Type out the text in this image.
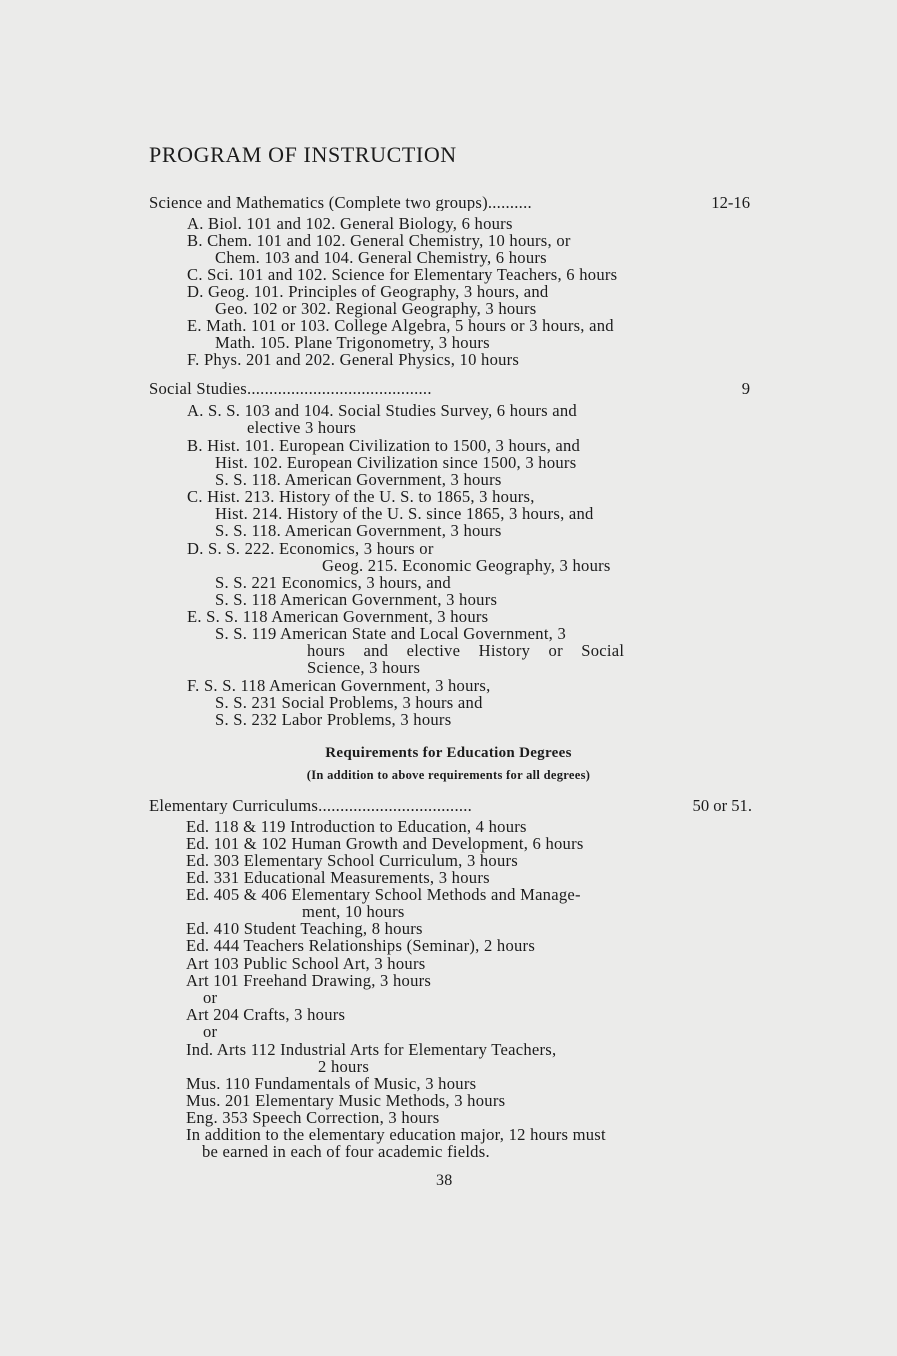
PROGRAM OF INSTRUCTION
Science and Mathematics (Complete two groups)..........	12-16
A. Biol. 101 and 102. General Biology, 6 hours
B. Chem. 101 and 102. General Chemistry, 10 hours, or
Chem. 103 and 104. General Chemistry, 6 hours
C. Sci. 101 and 102. Science for Elementary Teachers, 6 hours
D. Geog. 101. Principles of Geography, 3 hours, and
Geo. 102 or 302. Regional Geography, 3 hours
E. Math. 101 or 103. College Algebra, 5 hours or 3 hours, and
Math. 105. Plane Trigonometry, 3 hours
F. Phys. 201 and 202. General Physics, 10 hours
Social Studies..........................................	9
A. S. S. 103 and 104. Social Studies Survey, 6 hours and
elective 3 hours
B. Hist. 101. European Civilization to 1500, 3 hours, and
Hist. 102. European Civilization since 1500, 3 hours
S. S. 118. American Government, 3 hours
C. Hist. 213. History of the U. S. to 1865, 3 hours,
Hist. 214. History of the U. S. since 1865, 3 hours, and
S. S. 118. American Government, 3 hours
D. S. S. 222. Economics, 3 hours or
Geog. 215. Economic Geography, 3 hours
S. S. 221 Economics, 3 hours, and
S. S. 118 American Government, 3 hours
E. S. S. 118 American Government, 3 hours
S. S. 119 American State and Local Government, 3
hours and elective History or Social
Science, 3 hours
F. S. S. 118 American Government, 3 hours,
S. S. 231 Social Problems, 3 hours and
S. S. 232 Labor Problems, 3 hours
Requirements for Education Degrees
(In addition to above requirements for all degrees)
Elementary Curriculums...................................	50 or 51.
Ed. 118 & 119 Introduction to Education, 4 hours
Ed. 101 & 102 Human Growth and Development, 6 hours
Ed. 303 Elementary School Curriculum, 3 hours
Ed. 331 Educational Measurements, 3 hours
Ed. 405 & 406 Elementary School Methods and Manage-
ment, 10 hours
Ed. 410 Student Teaching, 8 hours
Ed. 444 Teachers Relationships (Seminar), 2 hours
Art 103 Public School Art, 3 hours
Art 101 Freehand Drawing, 3 hours
or
Art 204 Crafts, 3 hours
or
Ind. Arts 112 Industrial Arts for Elementary Teachers,
2 hours
Mus. 110 Fundamentals of Music, 3 hours
Mus. 201 Elementary Music Methods, 3 hours
Eng. 353 Speech Correction, 3 hours
In addition to the elementary education major, 12 hours must
be earned in each of four academic fields.
38
